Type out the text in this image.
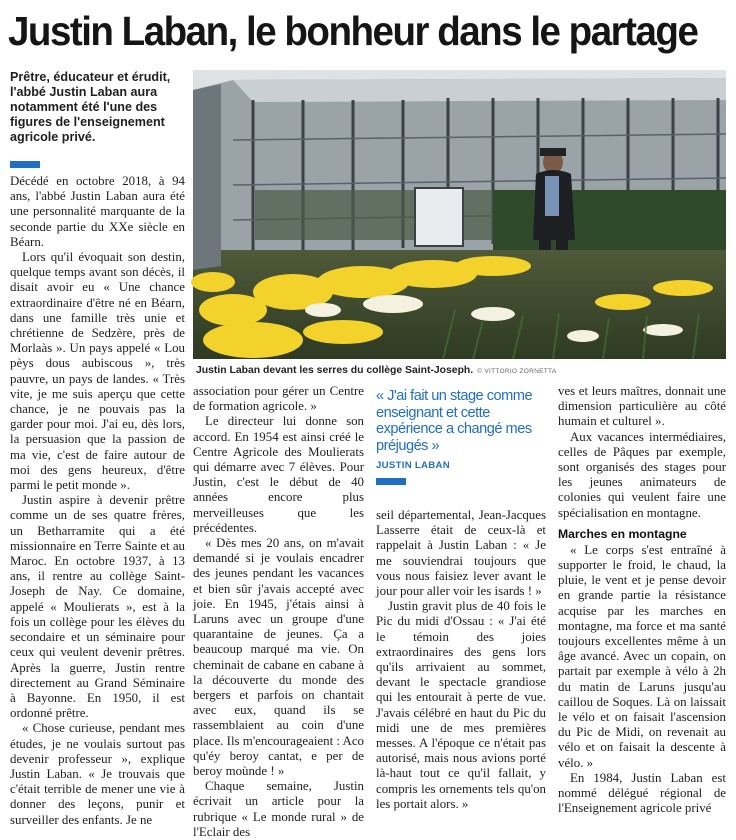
Justin Laban, le bonheur dans le partage

Prêtre, éducateur et érudit, l'abbé Justin Laban aura notamment été l'une des figures de l'enseignement agricole privé.

Décédé en octobre 2018, à 94 ans, l'abbé Justin Laban aura été une personnalité marquante de la seconde partie du XXe siècle en Béarn.

Lors qu'il évoquait son destin, quelque temps avant son décès, il disait avoir eu « Une chance extraordinaire d'être né en Béarn, dans une famille très unie et chrétienne de Sedzère, près de Morlaàs ». Un pays appelé « Lou pèys dous aubiscous », très pauvre, un pays de landes. « Très vite, je me suis aperçu que cette chance, je ne pouvais pas la garder pour moi. J'ai eu, dès lors, la persuasion que la passion de ma vie, c'est de faire autour de moi des gens heureux, d'être parmi le petit monde ».

Justin aspire à devenir prêtre comme un de ses quatre frères, un Betharramite qui a été missionnaire en Terre Sainte et au Maroc. En octobre 1937, à 13 ans, il rentre au collège Saint-Joseph de Nay. Ce domaine, appelé « Moulierats », est à la fois un collège pour les élèves du secondaire et un séminaire pour ceux qui veulent devenir prêtres. Après la guerre, Justin rentre directement au Grand Séminaire à Bayonne. En 1950, il est ordonné prêtre.

« Chose curieuse, pendant mes études, je ne voulais surtout pas devenir professeur », explique Justin Laban. « Je trouvais que c'était terrible de mener une vie à donner des leçons, punir et surveiller des enfants. Je ne

Justin Laban devant les serres du collège Saint-Joseph. © VITTORIO ZORNETTA

association pour gérer un Centre de formation agricole. »

Le directeur lui donne son accord. En 1954 est ainsi créé le Centre Agricole des Moulierats qui démarre avec 7 élèves. Pour Justin, c'est le début de 40 années encore plus merveilleuses que les précédentes.

« Dès mes 20 ans, on m'avait demandé si je voulais encadrer des jeunes pendant les vacances et bien sûr j'avais accepté avec joie. En 1945, j'étais ainsi à Laruns avec un groupe d'une quarantaine de jeunes. Ça a beaucoup marqué ma vie. On cheminait de cabane en cabane à la découverte du monde des bergers et parfois on chantait avec eux, quand ils se rassemblaient au coin d'une place. Ils m'encourageaient : Aco qu'éy beroy cantat, e per de beroy moùnde ! »

Chaque semaine, Justin écrivait un article pour la rubrique « Le monde rural » de l'Eclair des

« J'ai fait un stage comme enseignant et cette expérience a changé mes préjugés »

JUSTIN LABAN

seil départemental, Jean-Jacques Lasserre était de ceux-là et rappelait à Justin Laban : « Je me souviendrai toujours que vous nous faisiez lever avant le jour pour aller voir les isards ! »

Justin gravit plus de 40 fois le Pic du midi d'Ossau : « J'ai été le témoin des joies extraordinaires des gens lors qu'ils arrivaient au sommet, devant le spectacle grandiose qui les entourait à perte de vue. J'avais célébré en haut du Pic du midi une de mes premières messes. A l'époque ce n'était pas autorisé, mais nous avions porté là-haut tout ce qu'il fallait, y compris les ornements tels qu'on les portait alors. »

ves et leurs maîtres, donnait une dimension particulière au côté humain et culturel ».

Aux vacances intermédiaires, celles de Pâques par exemple, sont organisés des stages pour les jeunes animateurs de colonies qui veulent faire une spécialisation en montagne.

Marches en montagne

« Le corps s'est entraîné à supporter le froid, le chaud, la pluie, le vent et je pense devoir en grande partie la résistance acquise par les marches en montagne, ma force et ma santé toujours excellentes même à un âge avancé. Avec un copain, on partait par exemple à vélo à 2h du matin de Laruns jusqu'au caillou de Soques. Là on laissait le vélo et on faisait l'ascension du Pic de Midi, on revenait au vélo et on faisait la descente à vélo. »

En 1984, Justin Laban est nommé délégué régional de l'Enseignement agricole privé
